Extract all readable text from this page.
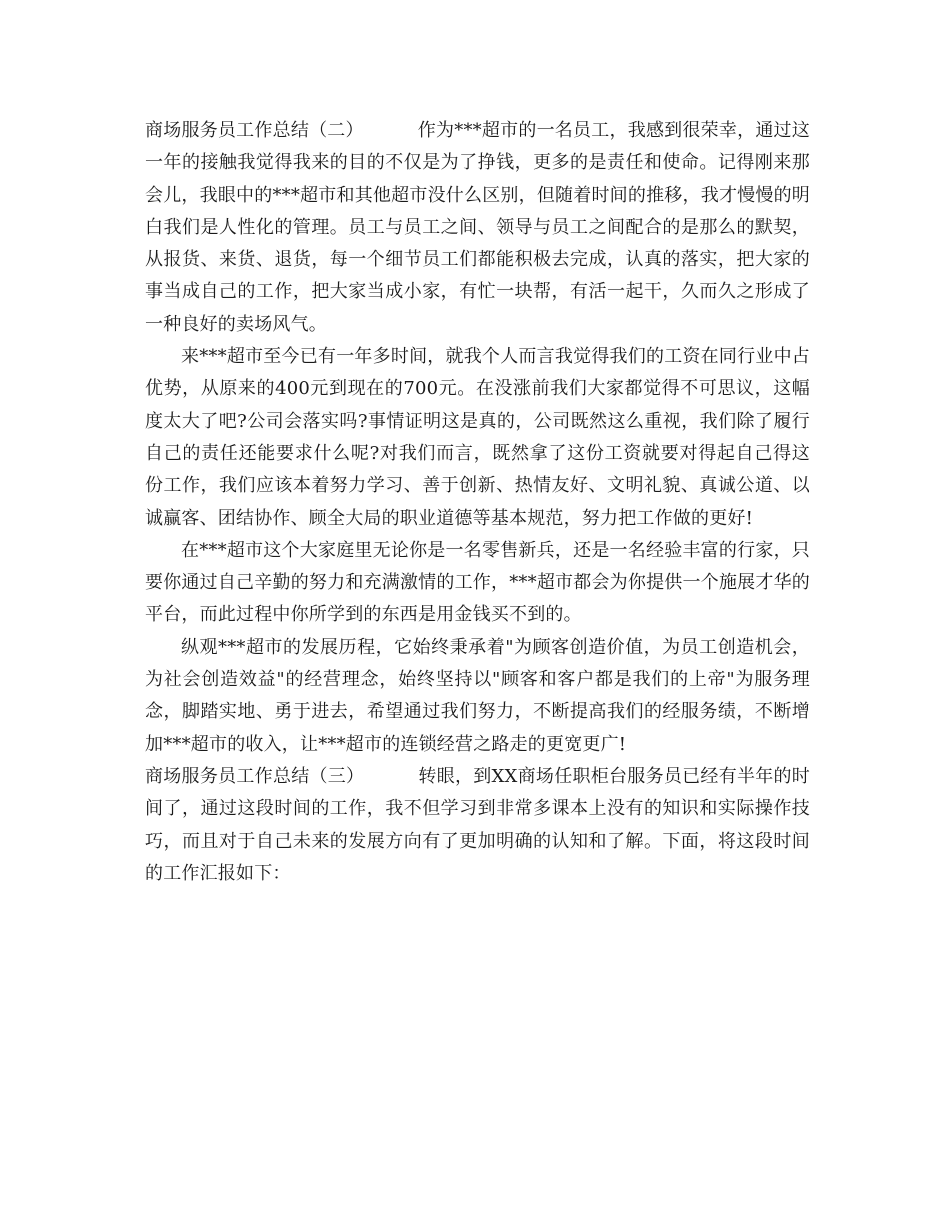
商场服务员工作总结（二）	作为***超市的一名员工，我感到很荣幸，通过这一年的接触我觉得我来的目的不仅是为了挣钱，更多的是责任和使命。记得刚来那会儿，我眼中的***超市和其他超市没什么区别，但随着时间的推移，我才慢慢的明白我们是人性化的管理。员工与员工之间、领导与员工之间配合的是那么的默契，从报货、来货、退货，每一个细节员工们都能积极去完成，认真的落实，把大家的事当成自己的工作，把大家当成小家，有忙一块帮，有活一起干，久而久之形成了一种良好的卖场风气。

来***超市至今已有一年多时间，就我个人而言我觉得我们的工资在同行业中占优势，从原来的400元到现在的700元。在没涨前我们大家都觉得不可思议，这幅度太大了吧?公司会落实吗?事情证明这是真的，公司既然这么重视，我们除了履行自己的责任还能要求什么呢?对我们而言，既然拿了这份工资就要对得起自己得这份工作，我们应该本着努力学习、善于创新、热情友好、文明礼貌、真诚公道、以诚赢客、团结协作、顾全大局的职业道德等基本规范，努力把工作做的更好!

在***超市这个大家庭里无论你是一名零售新兵，还是一名经验丰富的行家，只要你通过自己辛勤的努力和充满激情的工作，***超市都会为你提供一个施展才华的平台，而此过程中你所学到的东西是用金钱买不到的。

纵观***超市的发展历程，它始终秉承着"为顾客创造价值，为员工创造机会，为社会创造效益"的经营理念，始终坚持以"顾客和客户都是我们的上帝"为服务理念，脚踏实地、勇于进去，希望通过我们努力，不断提高我们的经服务绩，不断增加***超市的收入，让***超市的连锁经营之路走的更宽更广!

商场服务员工作总结（三）	转眼，到XX商场任职柜台服务员已经有半年的时间了，通过这段时间的工作，我不但学习到非常多课本上没有的知识和实际操作技巧，而且对于自己未来的发展方向有了更加明确的认知和了解。下面，将这段时间的工作汇报如下：
